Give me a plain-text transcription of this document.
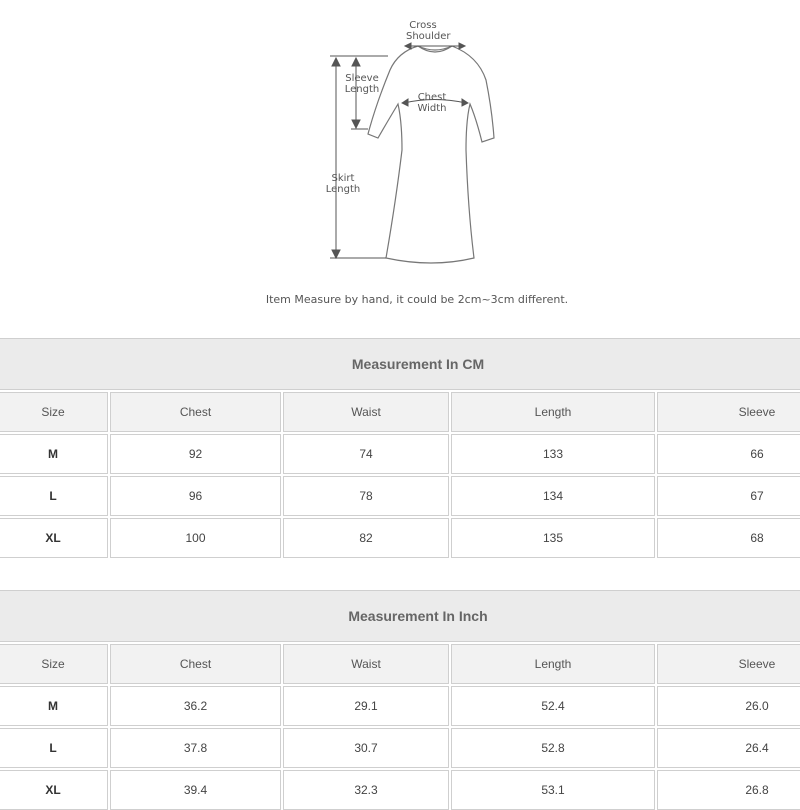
Cross
Shoulder
Sleeve
Length
Chest
Width
Skirt
Length
Item Measure by hand, it could be 2cm~3cm different.
Measurement In CM
Size	Chest	Waist	Length	Sleeve
M	92	74	133	66
L	96	78	134	67
XL	100	82	135	68
Measurement In Inch
Size	Chest	Waist	Length	Sleeve
M	36.2	29.1	52.4	26.0
L	37.8	30.7	52.8	26.4
XL	39.4	32.3	53.1	26.8
